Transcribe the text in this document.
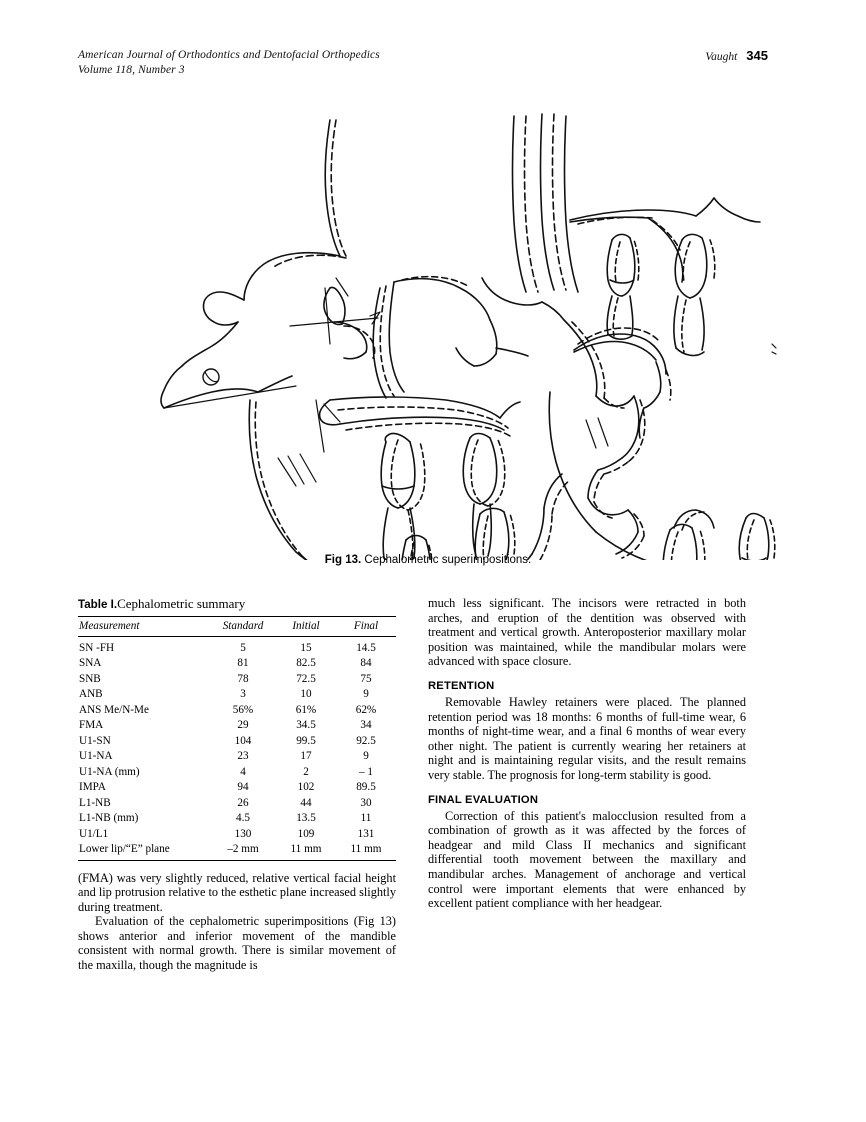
American Journal of Orthodontics and Dentofacial Orthopedics
Volume 118, Number 3
Vaught 345
Fig 13. Cephalometric superimpositions.
Table I.Cephalometric summary
Measurement	Standard	Initial	Final
SN -FH	5	15	14.5
SNA	81	82.5	84
SNB	78	72.5	75
ANB	3	10	9
ANS Me/N-Me	56%	61%	62%
FMA	29	34.5	34
U1-SN	104	99.5	92.5
U1-NA	23	17	9
U1-NA (mm)	4	2	– 1
IMPA	94	102	89.5
L1-NB	26	44	30
L1-NB (mm)	4.5	13.5	11
U1/L1	130	109	131
Lower lip/“E” plane	–2 mm	11 mm	11 mm

(FMA) was very slightly reduced, relative vertical facial height and lip protrusion relative to the esthetic plane increased slightly during treatment.

Evaluation of the cephalometric superimpositions (Fig 13) shows anterior and inferior movement of the mandible consistent with normal growth. There is similar movement of the maxilla, though the magnitude is

much less significant. The incisors were retracted in both arches, and eruption of the dentition was observed with treatment and vertical growth. Anteroposterior maxillary molar position was maintained, while the mandibular molars were advanced with space closure.

RETENTION

Removable Hawley retainers were placed. The planned retention period was 18 months: 6 months of full-time wear, 6 months of night-time wear, and a final 6 months of wear every other night. The patient is currently wearing her retainers at night and is maintaining regular visits, and the result remains very stable. The prognosis for long-term stability is good.

FINAL EVALUATION

Correction of this patient's malocclusion resulted from a combination of growth as it was affected by the forces of headgear and mild Class II mechanics and significant differential tooth movement between the maxillary and mandibular arches. Management of anchorage and vertical control were important elements that were enhanced by excellent patient compliance with her headgear.
